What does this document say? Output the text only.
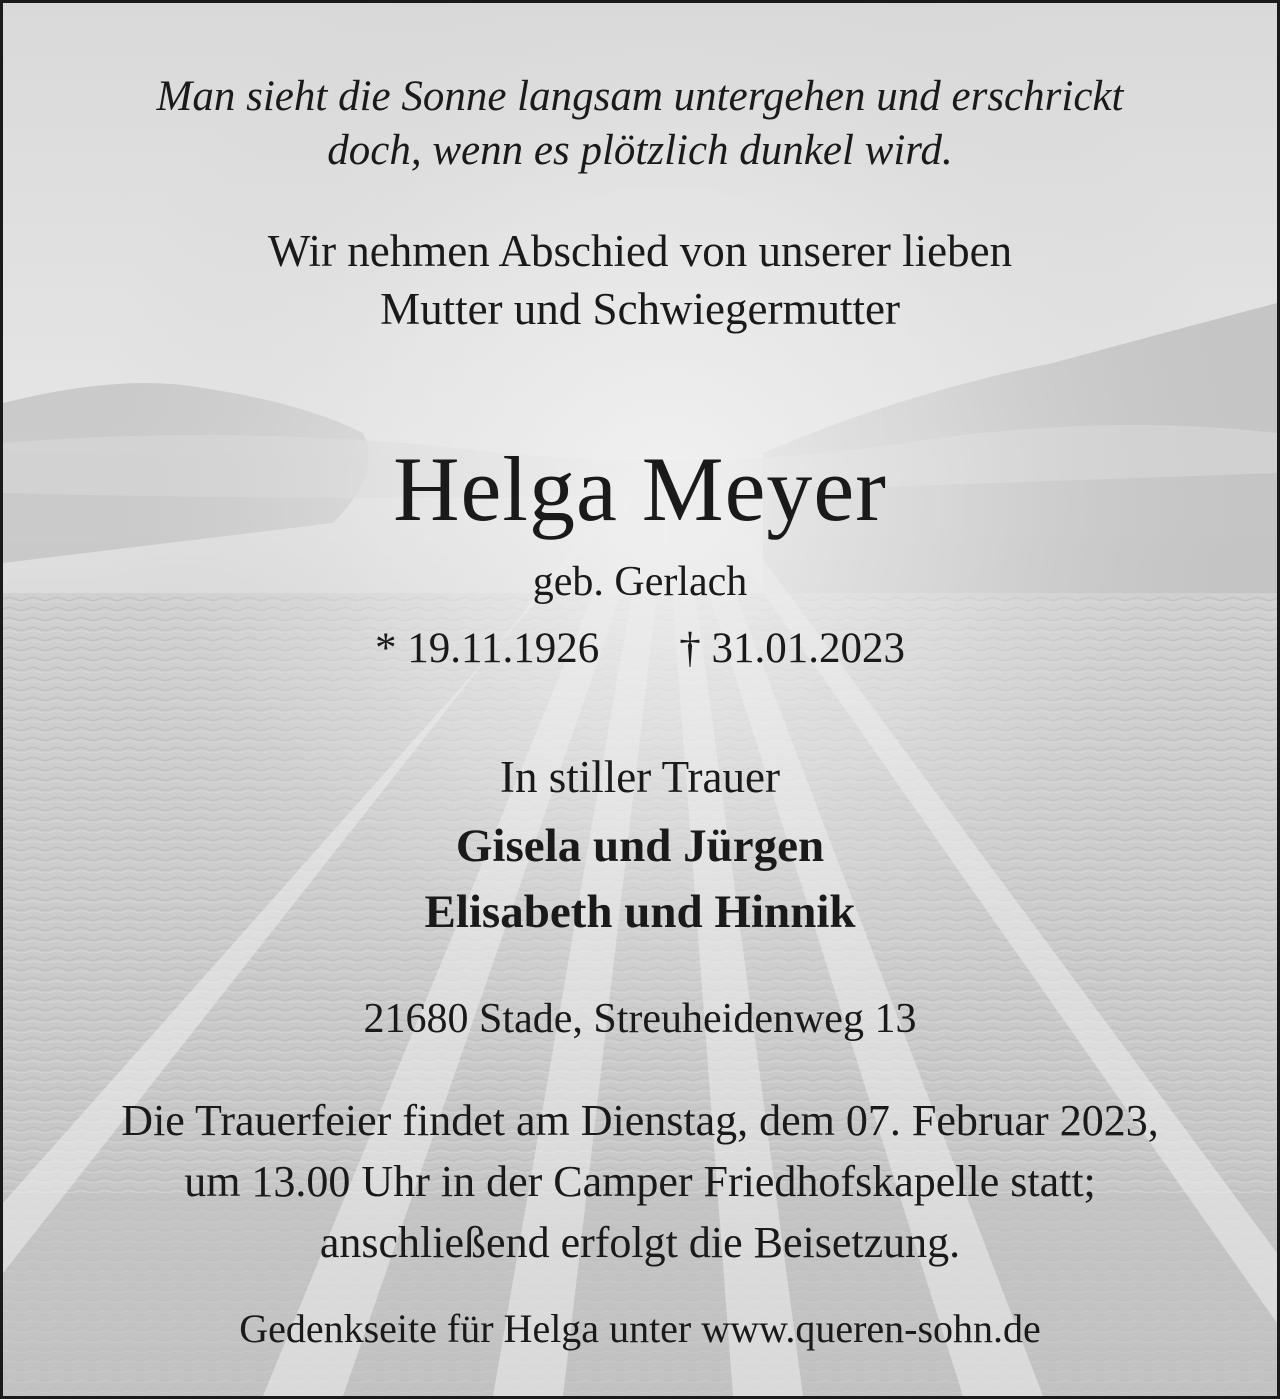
Man sieht die Sonne langsam untergehen und erschrickt
doch, wenn es plötzlich dunkel wird.
Wir nehmen Abschied von unserer lieben
Mutter und Schwiegermutter
Helga Meyer
geb. Gerlach
* 19.11.1926 † 31.01.2023
In stiller Trauer
Gisela und Jürgen
Elisabeth und Hinnik
21680 Stade, Streuheidenweg 13
Die Trauerfeier findet am Dienstag, dem 07. Februar 2023,
um 13.00 Uhr in der Camper Friedhofskapelle statt;
anschließend erfolgt die Beisetzung.
Gedenkseite für Helga unter www.queren-sohn.de
